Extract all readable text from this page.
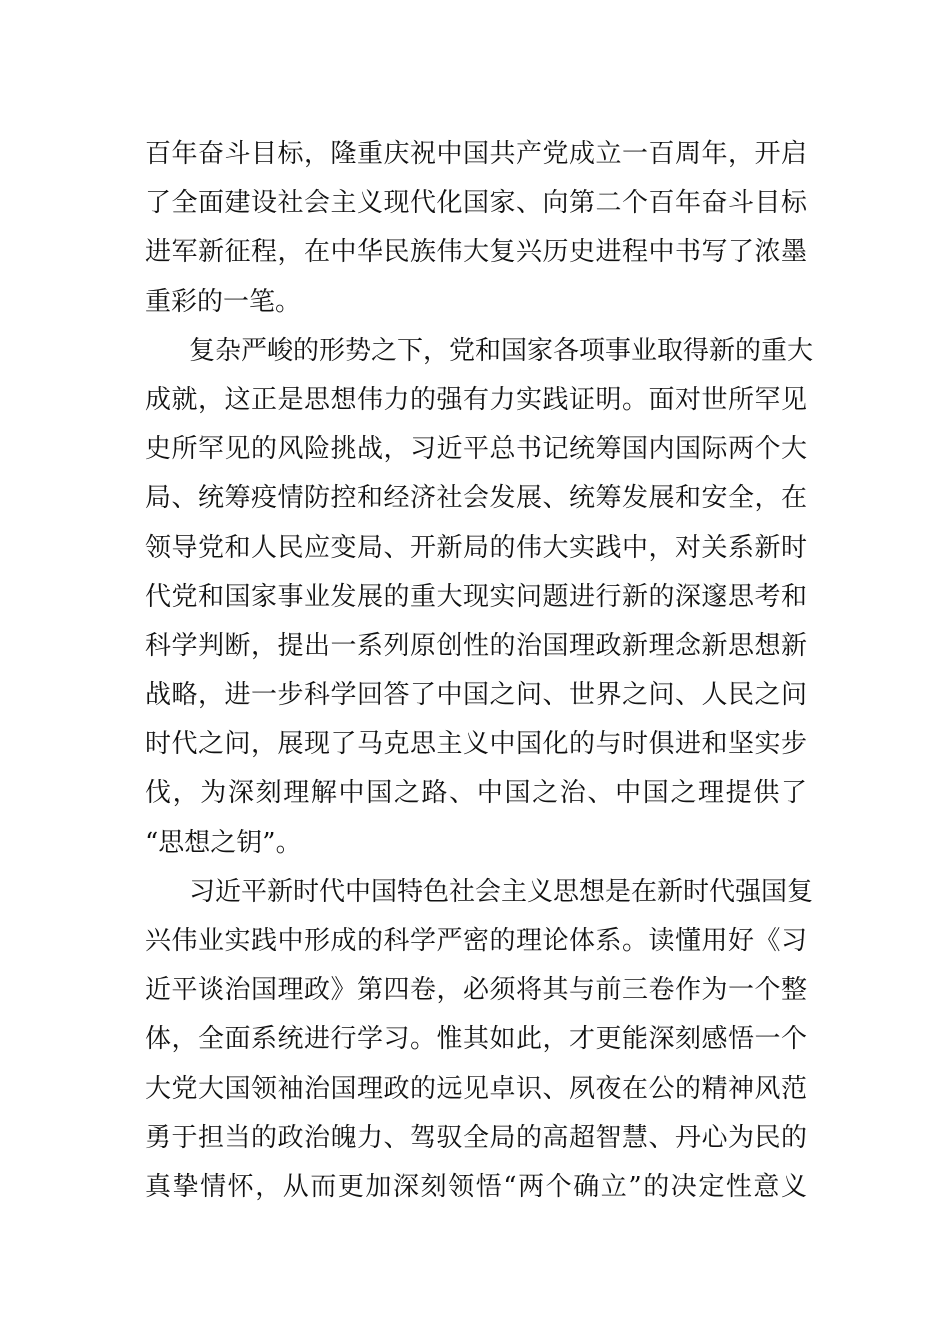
百年奋斗目标，隆重庆祝中国共产党成立一百周年，开启
了全面建设社会主义现代化国家、向第二个百年奋斗目标
进军新征程，在中华民族伟大复兴历史进程中书写了浓墨
重彩的一笔。
复杂严峻的形势之下，党和国家各项事业取得新的重大
成就，这正是思想伟力的强有力实践证明。面对世所罕见
史所罕见的风险挑战，习近平总书记统筹国内国际两个大
局、统筹疫情防控和经济社会发展、统筹发展和安全，在
领导党和人民应变局、开新局的伟大实践中，对关系新时
代党和国家事业发展的重大现实问题进行新的深邃思考和
科学判断，提出一系列原创性的治国理政新理念新思想新
战略，进一步科学回答了中国之问、世界之问、人民之问
时代之问，展现了马克思主义中国化的与时俱进和坚实步
伐，为深刻理解中国之路、中国之治、中国之理提供了
“思想之钥”。
习近平新时代中国特色社会主义思想是在新时代强国复
兴伟业实践中形成的科学严密的理论体系。读懂用好《习
近平谈治国理政》第四卷，必须将其与前三卷作为一个整
体，全面系统进行学习。惟其如此，才更能深刻感悟一个
大党大国领袖治国理政的远见卓识、夙夜在公的精神风范
勇于担当的政治魄力、驾驭全局的高超智慧、丹心为民的
真挚情怀，从而更加深刻领悟“两个确立”的决定性意义
